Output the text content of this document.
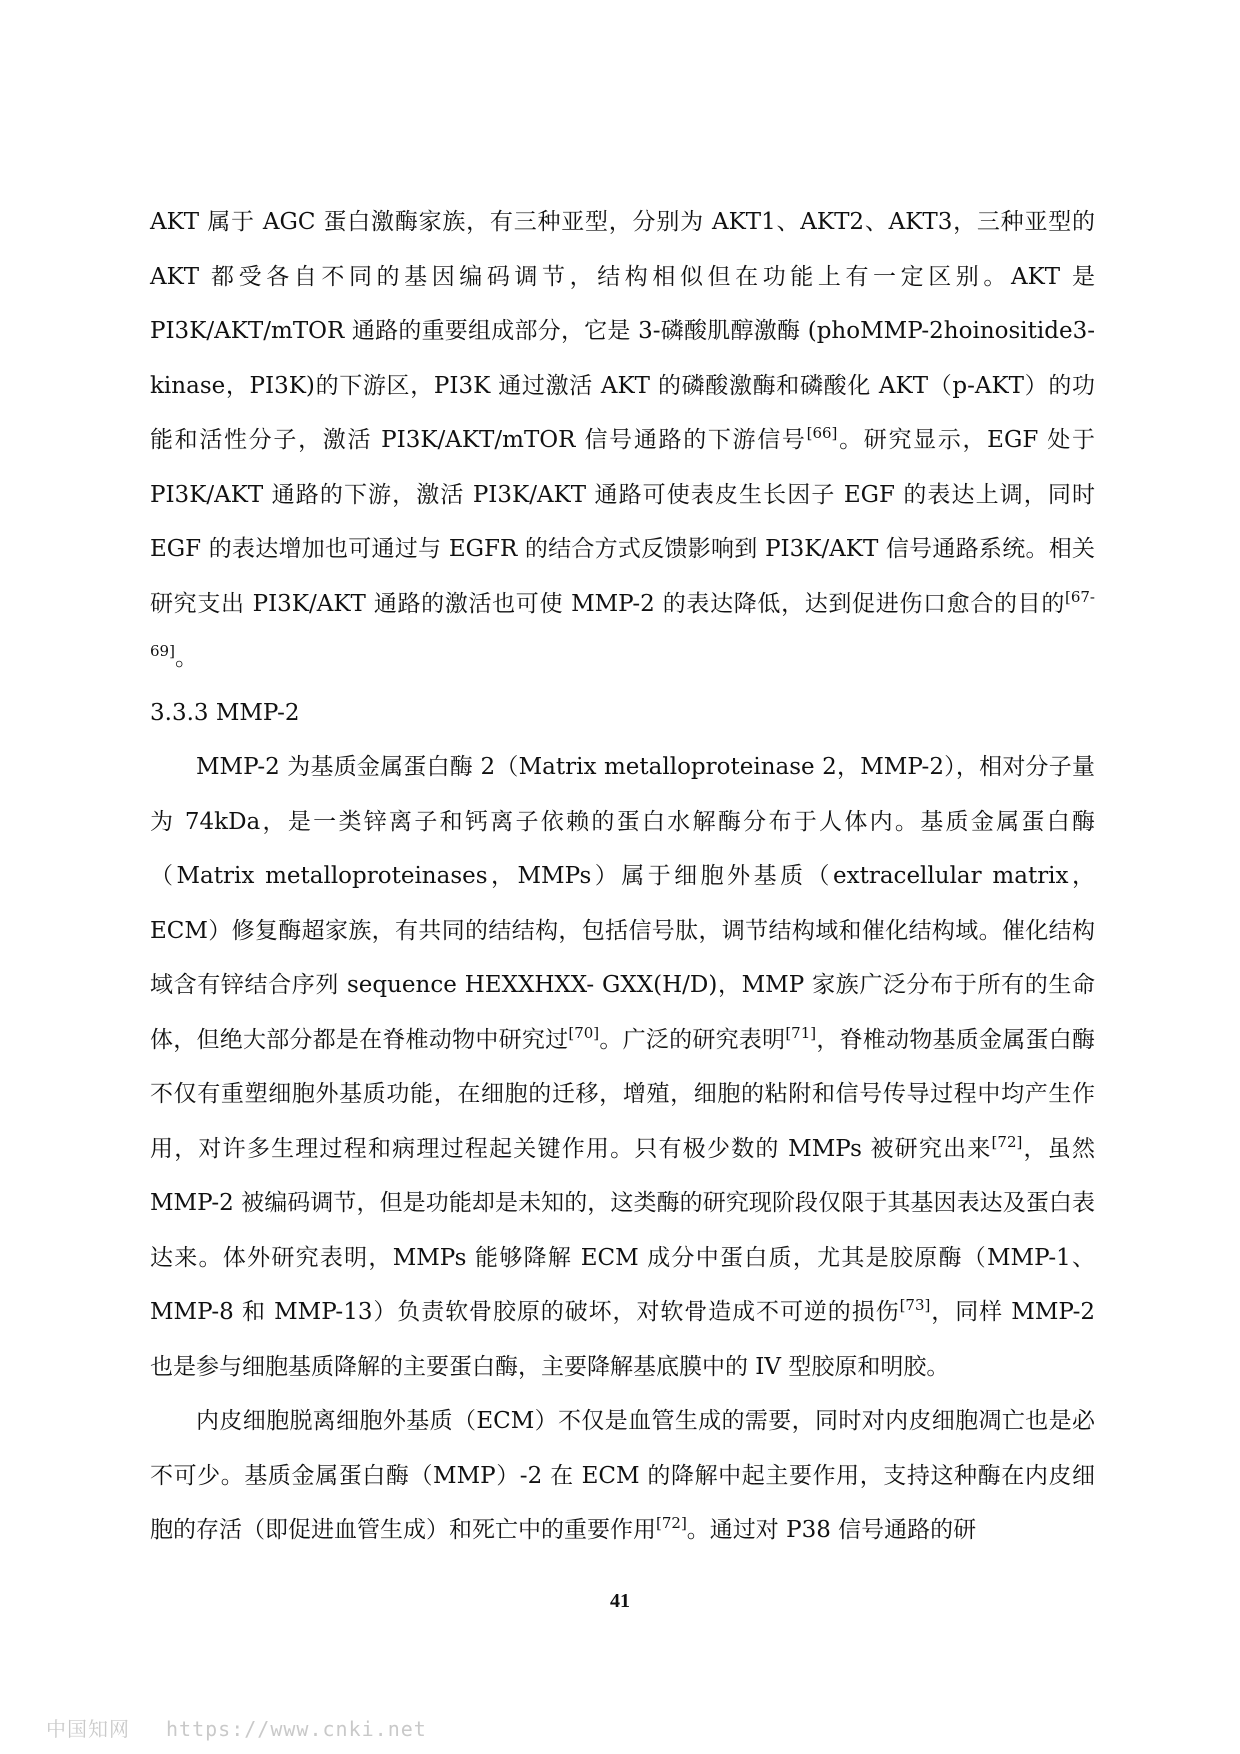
AKT 属于 AGC 蛋白激酶家族，有三种亚型，分别为 AKT1、AKT2、AKT3，三种亚型的 AKT 都受各自不同的基因编码调节，结构相似但在功能上有一定区别。AKT 是 PI3K/AKT/mTOR 通路的重要组成部分，它是 3-磷酸肌醇激酶 (phoMMP-2hoinositide3-kinase，PI3K)的下游区，PI3K 通过激活 AKT 的磷酸激酶和磷酸化 AKT（p-AKT）的功能和活性分子，激活 PI3K/AKT/mTOR 信号通路的下游信号[66]。研究显示，EGF 处于 PI3K/AKT 通路的下游，激活 PI3K/AKT 通路可使表皮生长因子 EGF 的表达上调，同时 EGF 的表达增加也可通过与 EGFR 的结合方式反馈影响到 PI3K/AKT 信号通路系统。相关研究支出 PI3K/AKT 通路的激活也可使 MMP-2 的表达降低，达到促进伤口愈合的目的[67-69]。

3.3.3 MMP-2

MMP-2 为基质金属蛋白酶 2（Matrix metalloproteinase 2，MMP-2），相对分子量为 74kDa，是一类锌离子和钙离子依赖的蛋白水解酶分布于人体内。基质金属蛋白酶（Matrix metalloproteinases，MMPs）属于细胞外基质（extracellular matrix，ECM）修复酶超家族，有共同的结结构，包括信号肽，调节结构域和催化结构域。催化结构域含有锌结合序列 sequence HEXXHXX- GXX(H/D)，MMP 家族广泛分布于所有的生命体，但绝大部分都是在脊椎动物中研究过[70]。广泛的研究表明[71]，脊椎动物基质金属蛋白酶不仅有重塑细胞外基质功能，在细胞的迁移，增殖，细胞的粘附和信号传导过程中均产生作用，对许多生理过程和病理过程起关键作用。只有极少数的 MMPs 被研究出来[72]，虽然 MMP-2 被编码调节，但是功能却是未知的，这类酶的研究现阶段仅限于其基因表达及蛋白表达来。体外研究表明，MMPs 能够降解 ECM 成分中蛋白质，尤其是胶原酶（MMP-1、MMP-8 和 MMP-13）负责软骨胶原的破坏，对软骨造成不可逆的损伤[73]，同样 MMP-2 也是参与细胞基质降解的主要蛋白酶，主要降解基底膜中的 IV 型胶原和明胶。

内皮细胞脱离细胞外基质（ECM）不仅是血管生成的需要，同时对内皮细胞凋亡也是必不可少。基质金属蛋白酶（MMP）-2 在 ECM 的降解中起主要作用，支持这种酶在内皮细胞的存活（即促进血管生成）和死亡中的重要作用[72]。通过对 P38 信号通路的研

41
中国知网 https://www.cnki.net
